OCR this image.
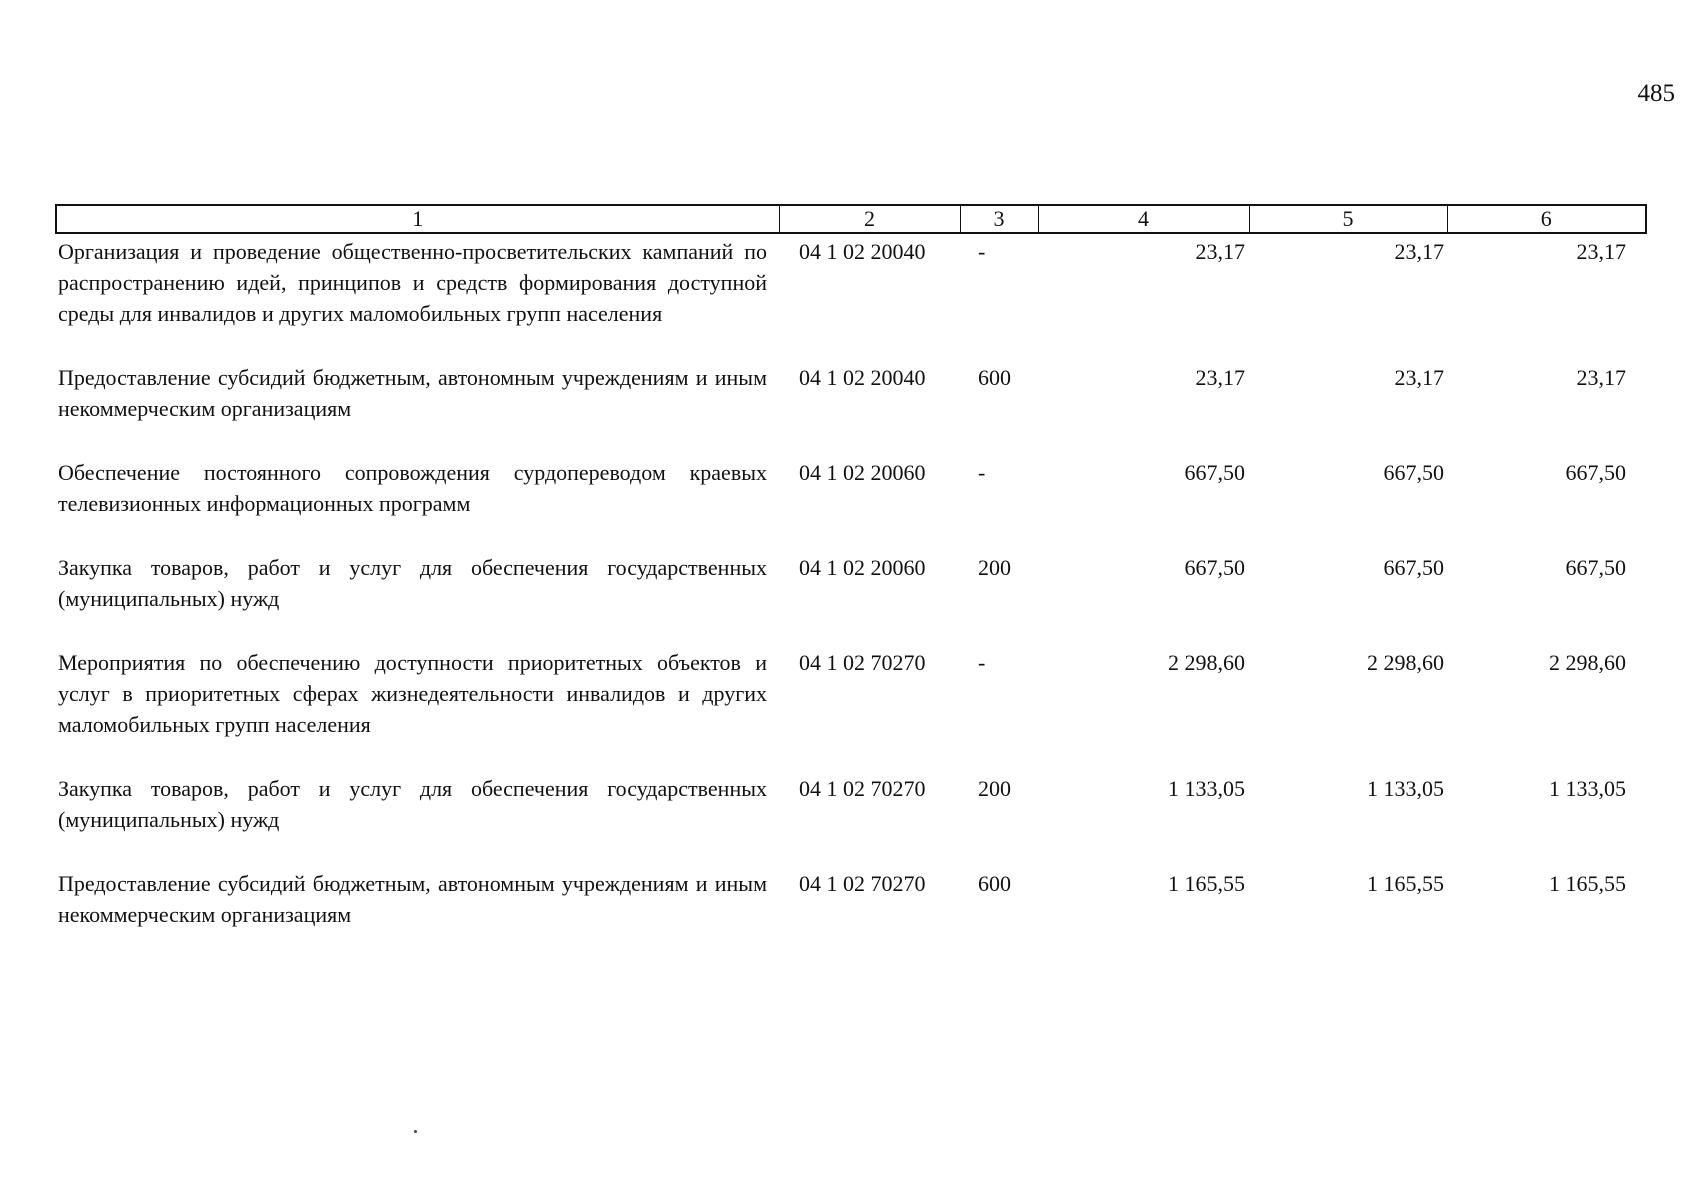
485
1	2	3	4	5	6
Организация и проведение общественно-просветительских кампаний по распространению идей, принципов и средств формирования доступной среды для инвалидов и других маломобильных групп населения	04 1 02 20040	-	23,17	23,17	23,17

Предоставление субсидий бюджетным, автономным учреждениям и иным некоммерческим организациям	04 1 02 20040	600	23,17	23,17	23,17

Обеспечение постоянного сопровождения сурдопереводом краевых телевизионных информационных программ	04 1 02 20060	-	667,50	667,50	667,50

Закупка товаров, работ и услуг для обеспечения государственных (муниципальных) нужд	04 1 02 20060	200	667,50	667,50	667,50

Мероприятия по обеспечению доступности приоритетных объектов и услуг в приоритетных сферах жизнедеятельности инвалидов и других маломобильных групп населения	04 1 02 70270	-	2 298,60	2 298,60	2 298,60

Закупка товаров, работ и услуг для обеспечения государственных (муниципальных) нужд	04 1 02 70270	200	1 133,05	1 133,05	1 133,05

Предоставление субсидий бюджетным, автономным учреждениям и иным некоммерческим организациям	04 1 02 70270	600	1 165,55	1 165,55	1 165,55
